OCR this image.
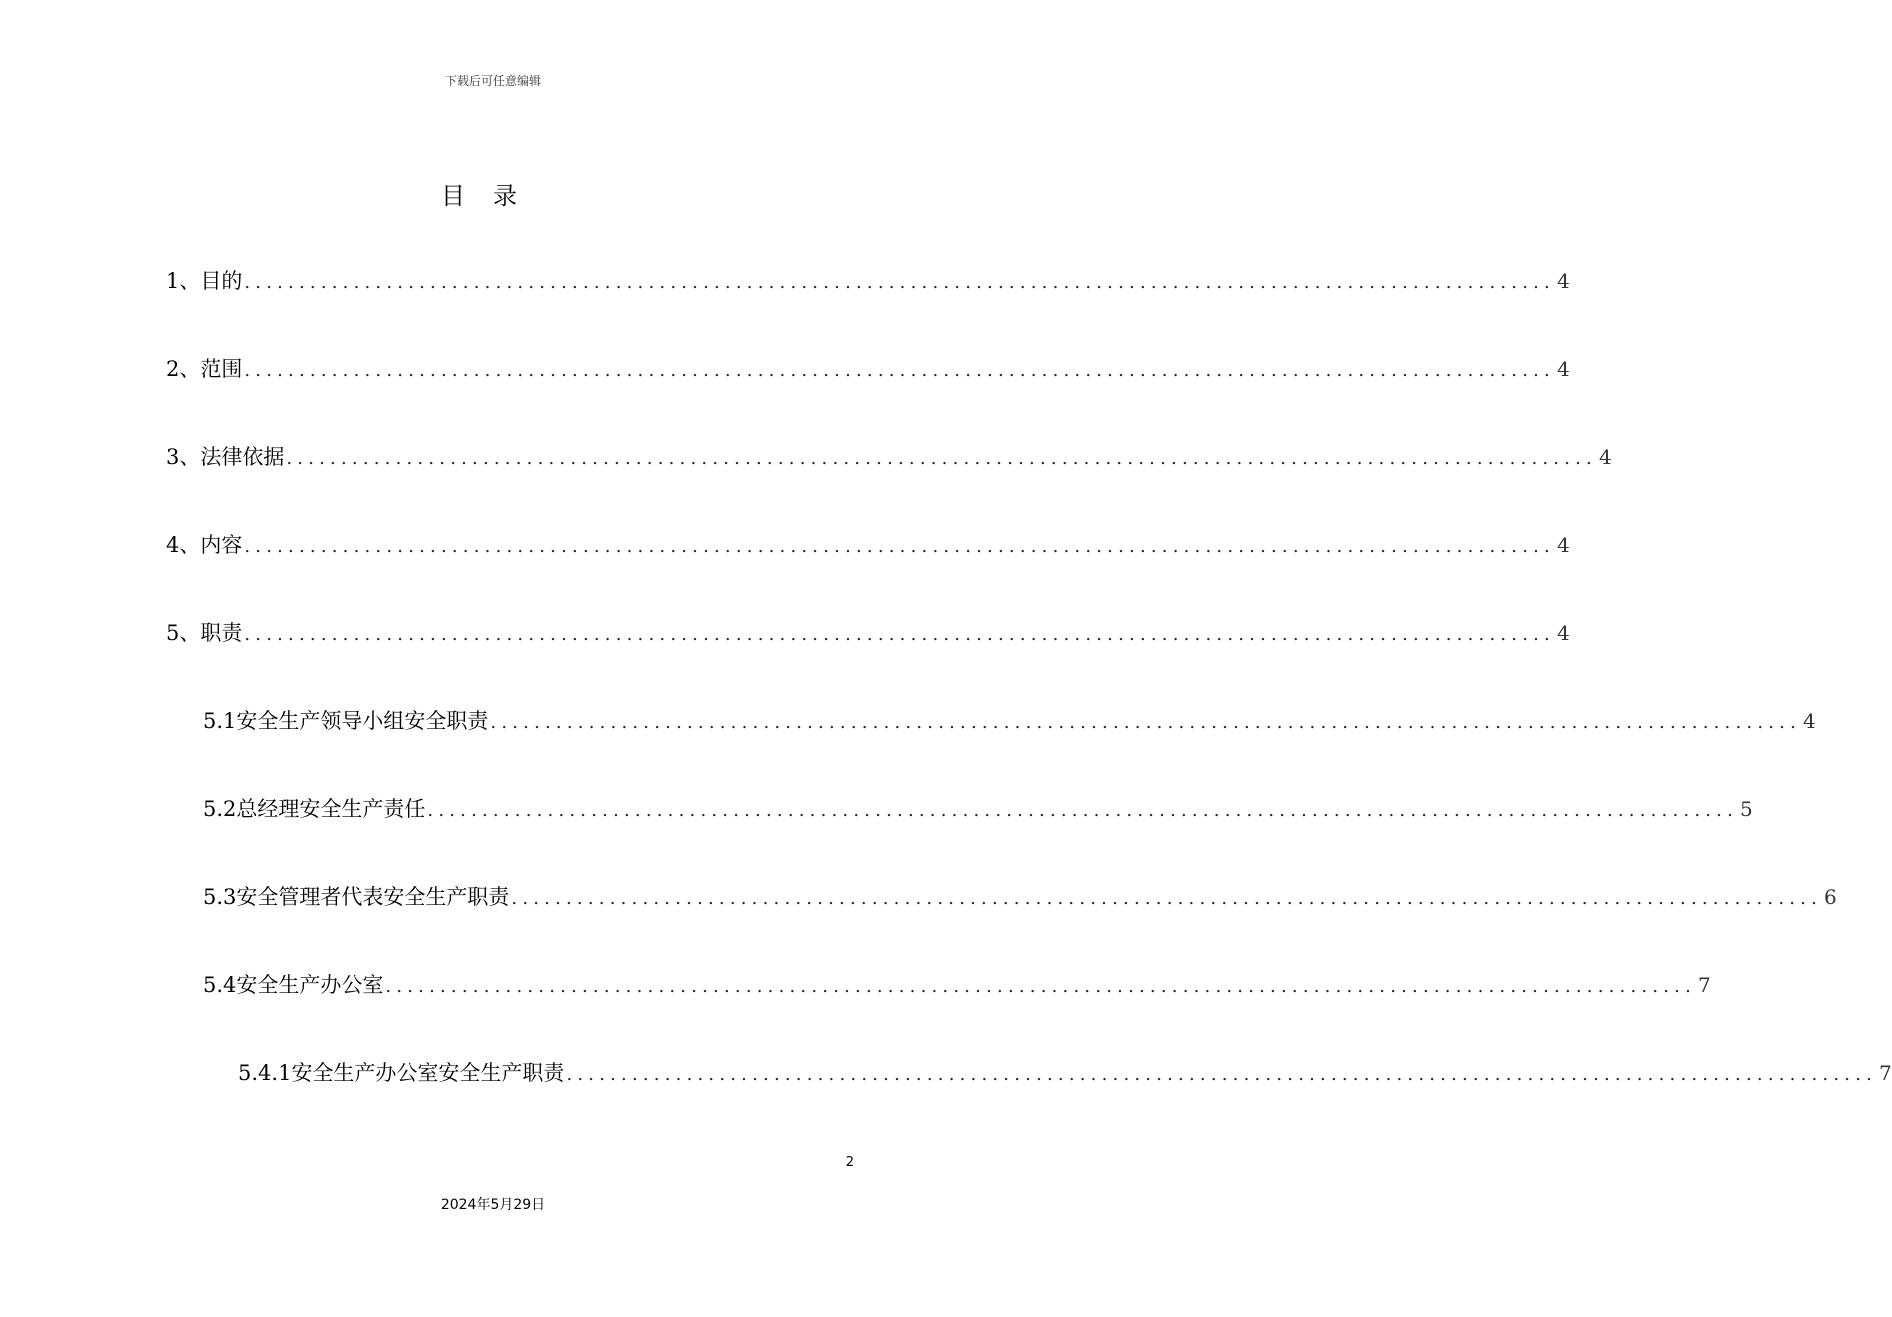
下载后可任意编辑
目录
1、目的 ........................................................................................................................ 4
2、范围 ........................................................................................................................ 4
3、法律依据 ........................................................................................................................ 4
4、内容 ........................................................................................................................ 4
5、职责 ........................................................................................................................ 4
5.1安全生产领导小组安全职责 ........................................................................................................................ 4
5.2总经理安全生产责任 ........................................................................................................................ 5
5.3安全管理者代表安全生产职责 ........................................................................................................................ 6
5.4安全生产办公室 ........................................................................................................................ 7
5.4.1安全生产办公室安全生产职责 ........................................................................................................................ 7
2
2024年5月29日
